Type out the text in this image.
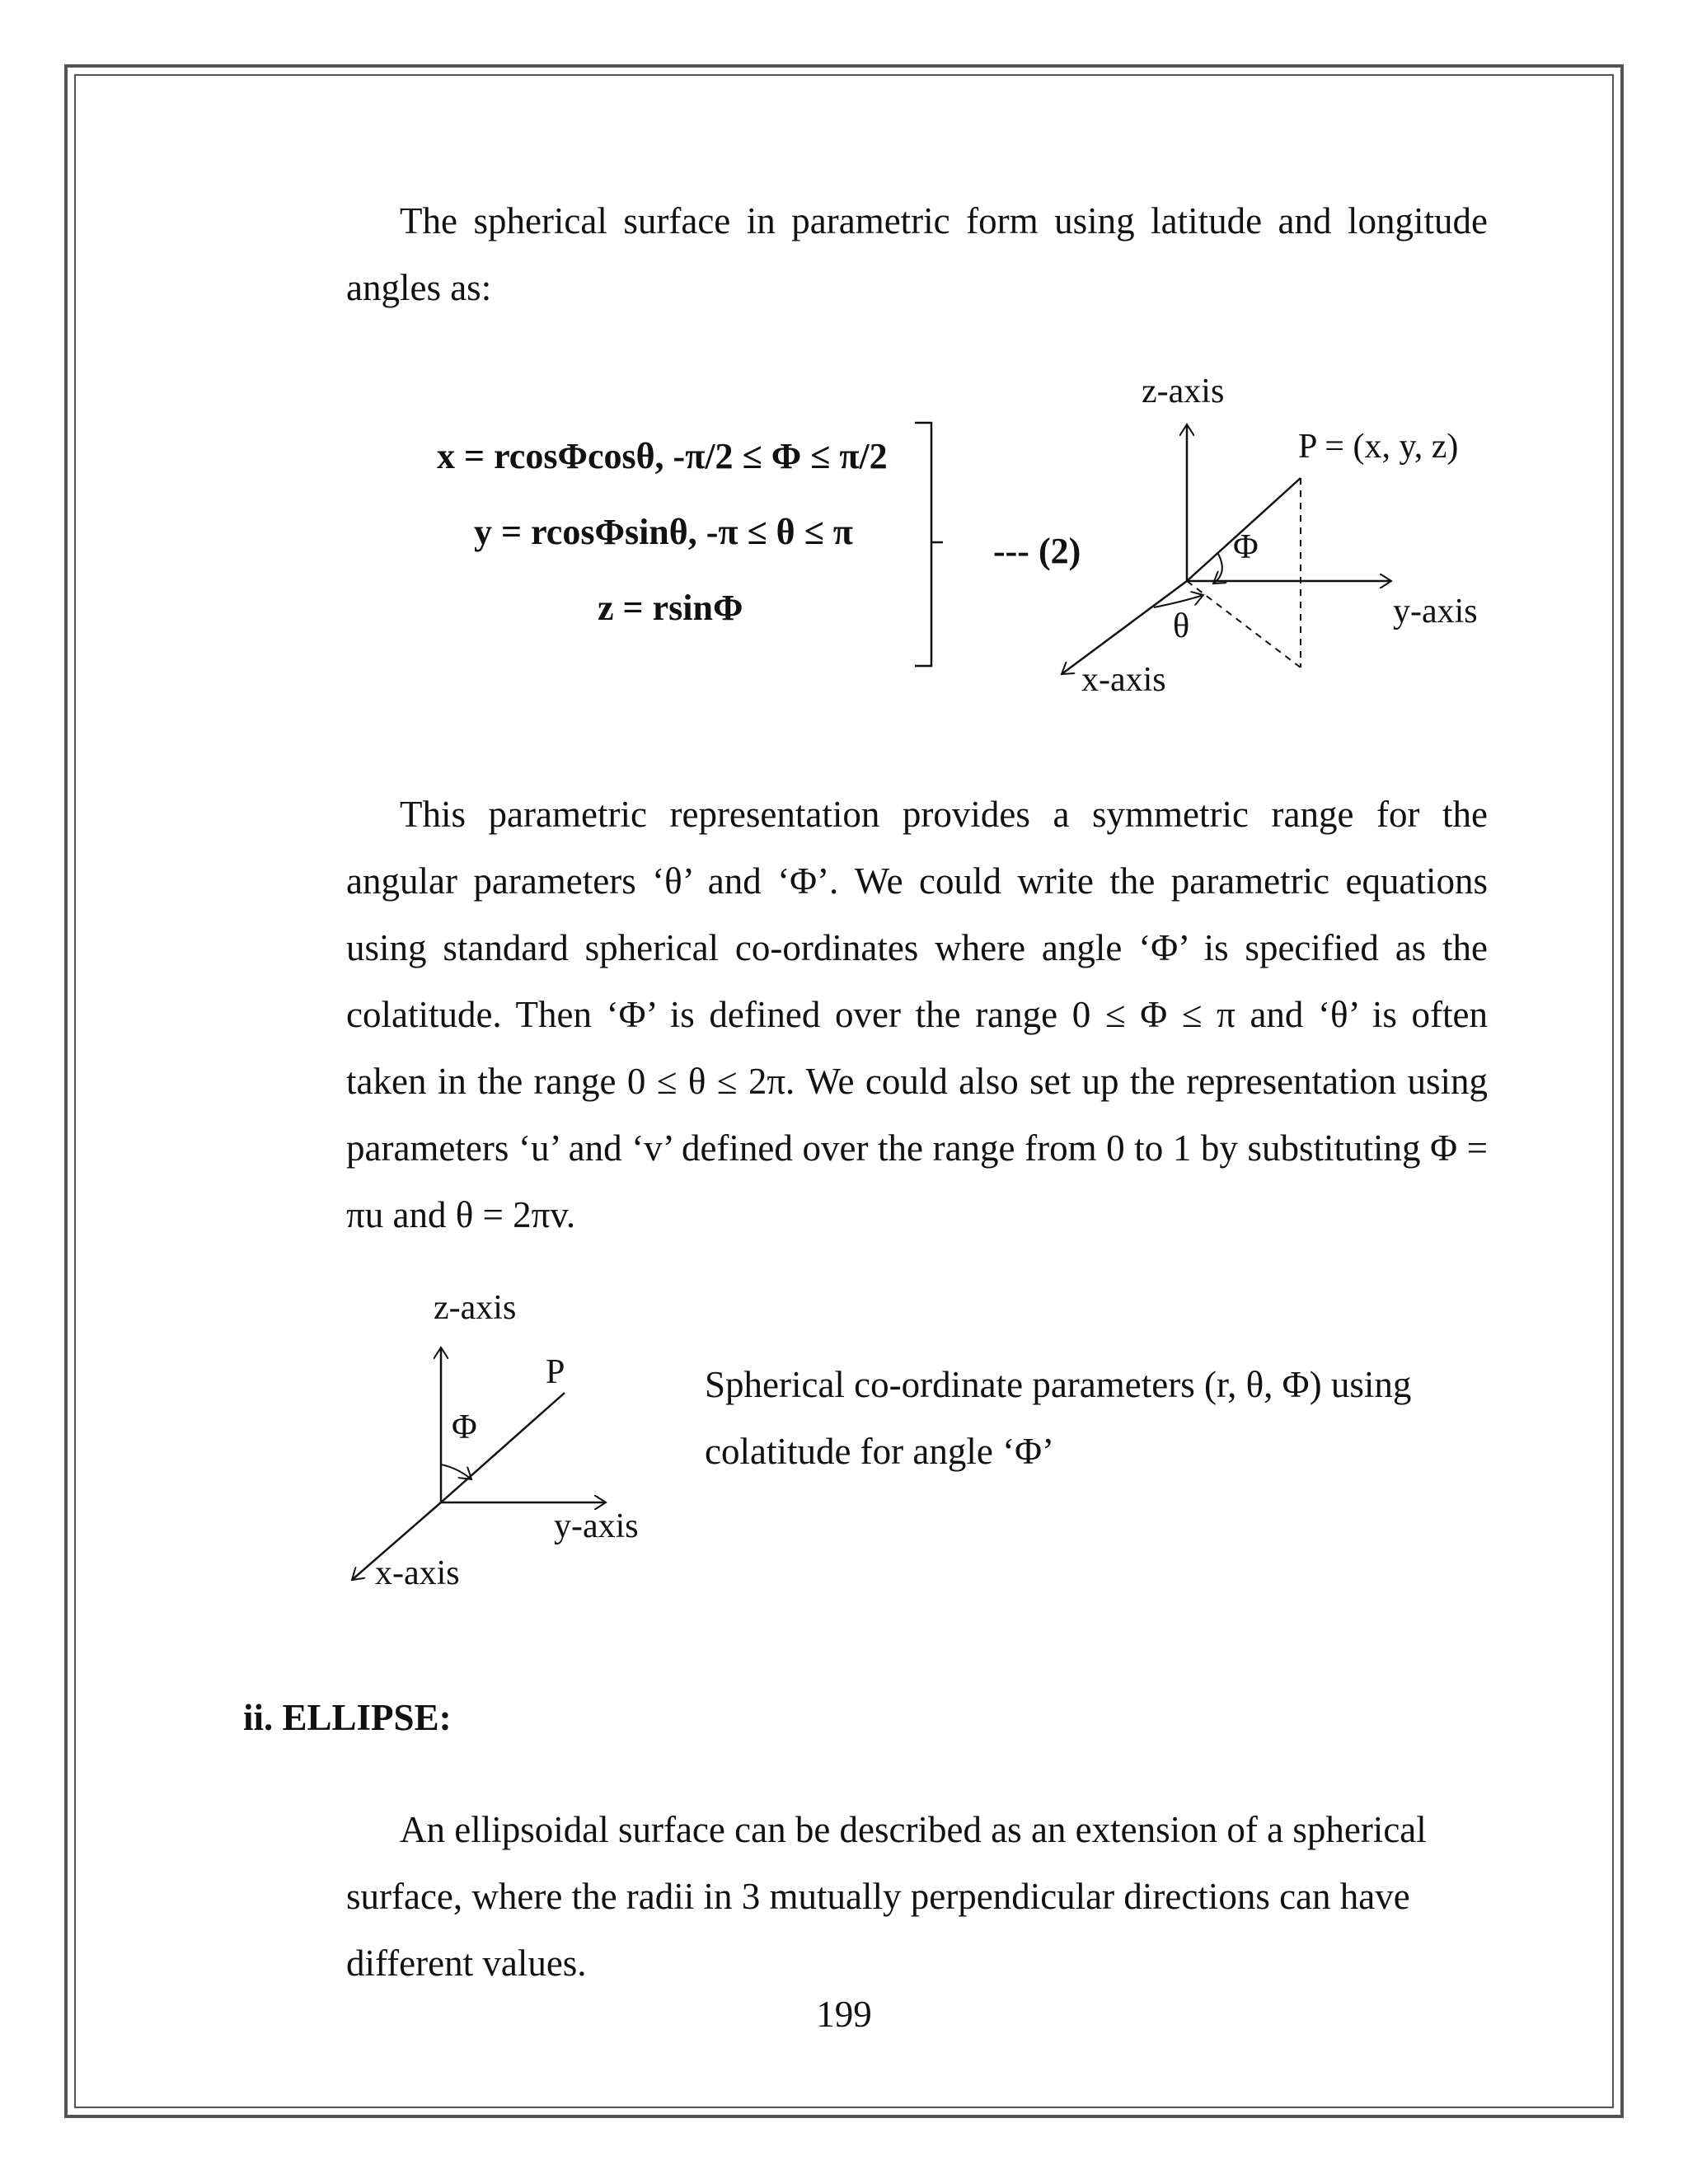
The spherical surface in parametric form using latitude and longitude angles as:

x = rcosΦcosθ, -π/2 ≤ Φ ≤ π/2
y = rcosΦsinθ, -π ≤ θ ≤ π
z = rsinΦ
--- (2)
z-axis
P = (x, y, z)
Φ
y-axis
θ
x-axis

This parametric representation provides a symmetric range for the angular parameters ‘θ’ and ‘Φ’. We could write the parametric equations using standard spherical co-ordinates where angle ‘Φ’ is specified as the colatitude. Then ‘Φ’ is defined over the range 0 ≤ Φ ≤ π and ‘θ’ is often taken in the range 0 ≤ θ ≤ 2π. We could also set up the representation using parameters ‘u’ and ‘v’ defined over the range from 0 to 1 by substituting Φ = πu and θ = 2πv.

z-axis
P
Φ
y-axis
x-axis

Spherical co-ordinate parameters (r, θ, Φ) using colatitude for angle ‘Φ’

ii. ELLIPSE:

An ellipsoidal surface can be described as an extension of a spherical surface, where the radii in 3 mutually perpendicular directions can have different values.

199
